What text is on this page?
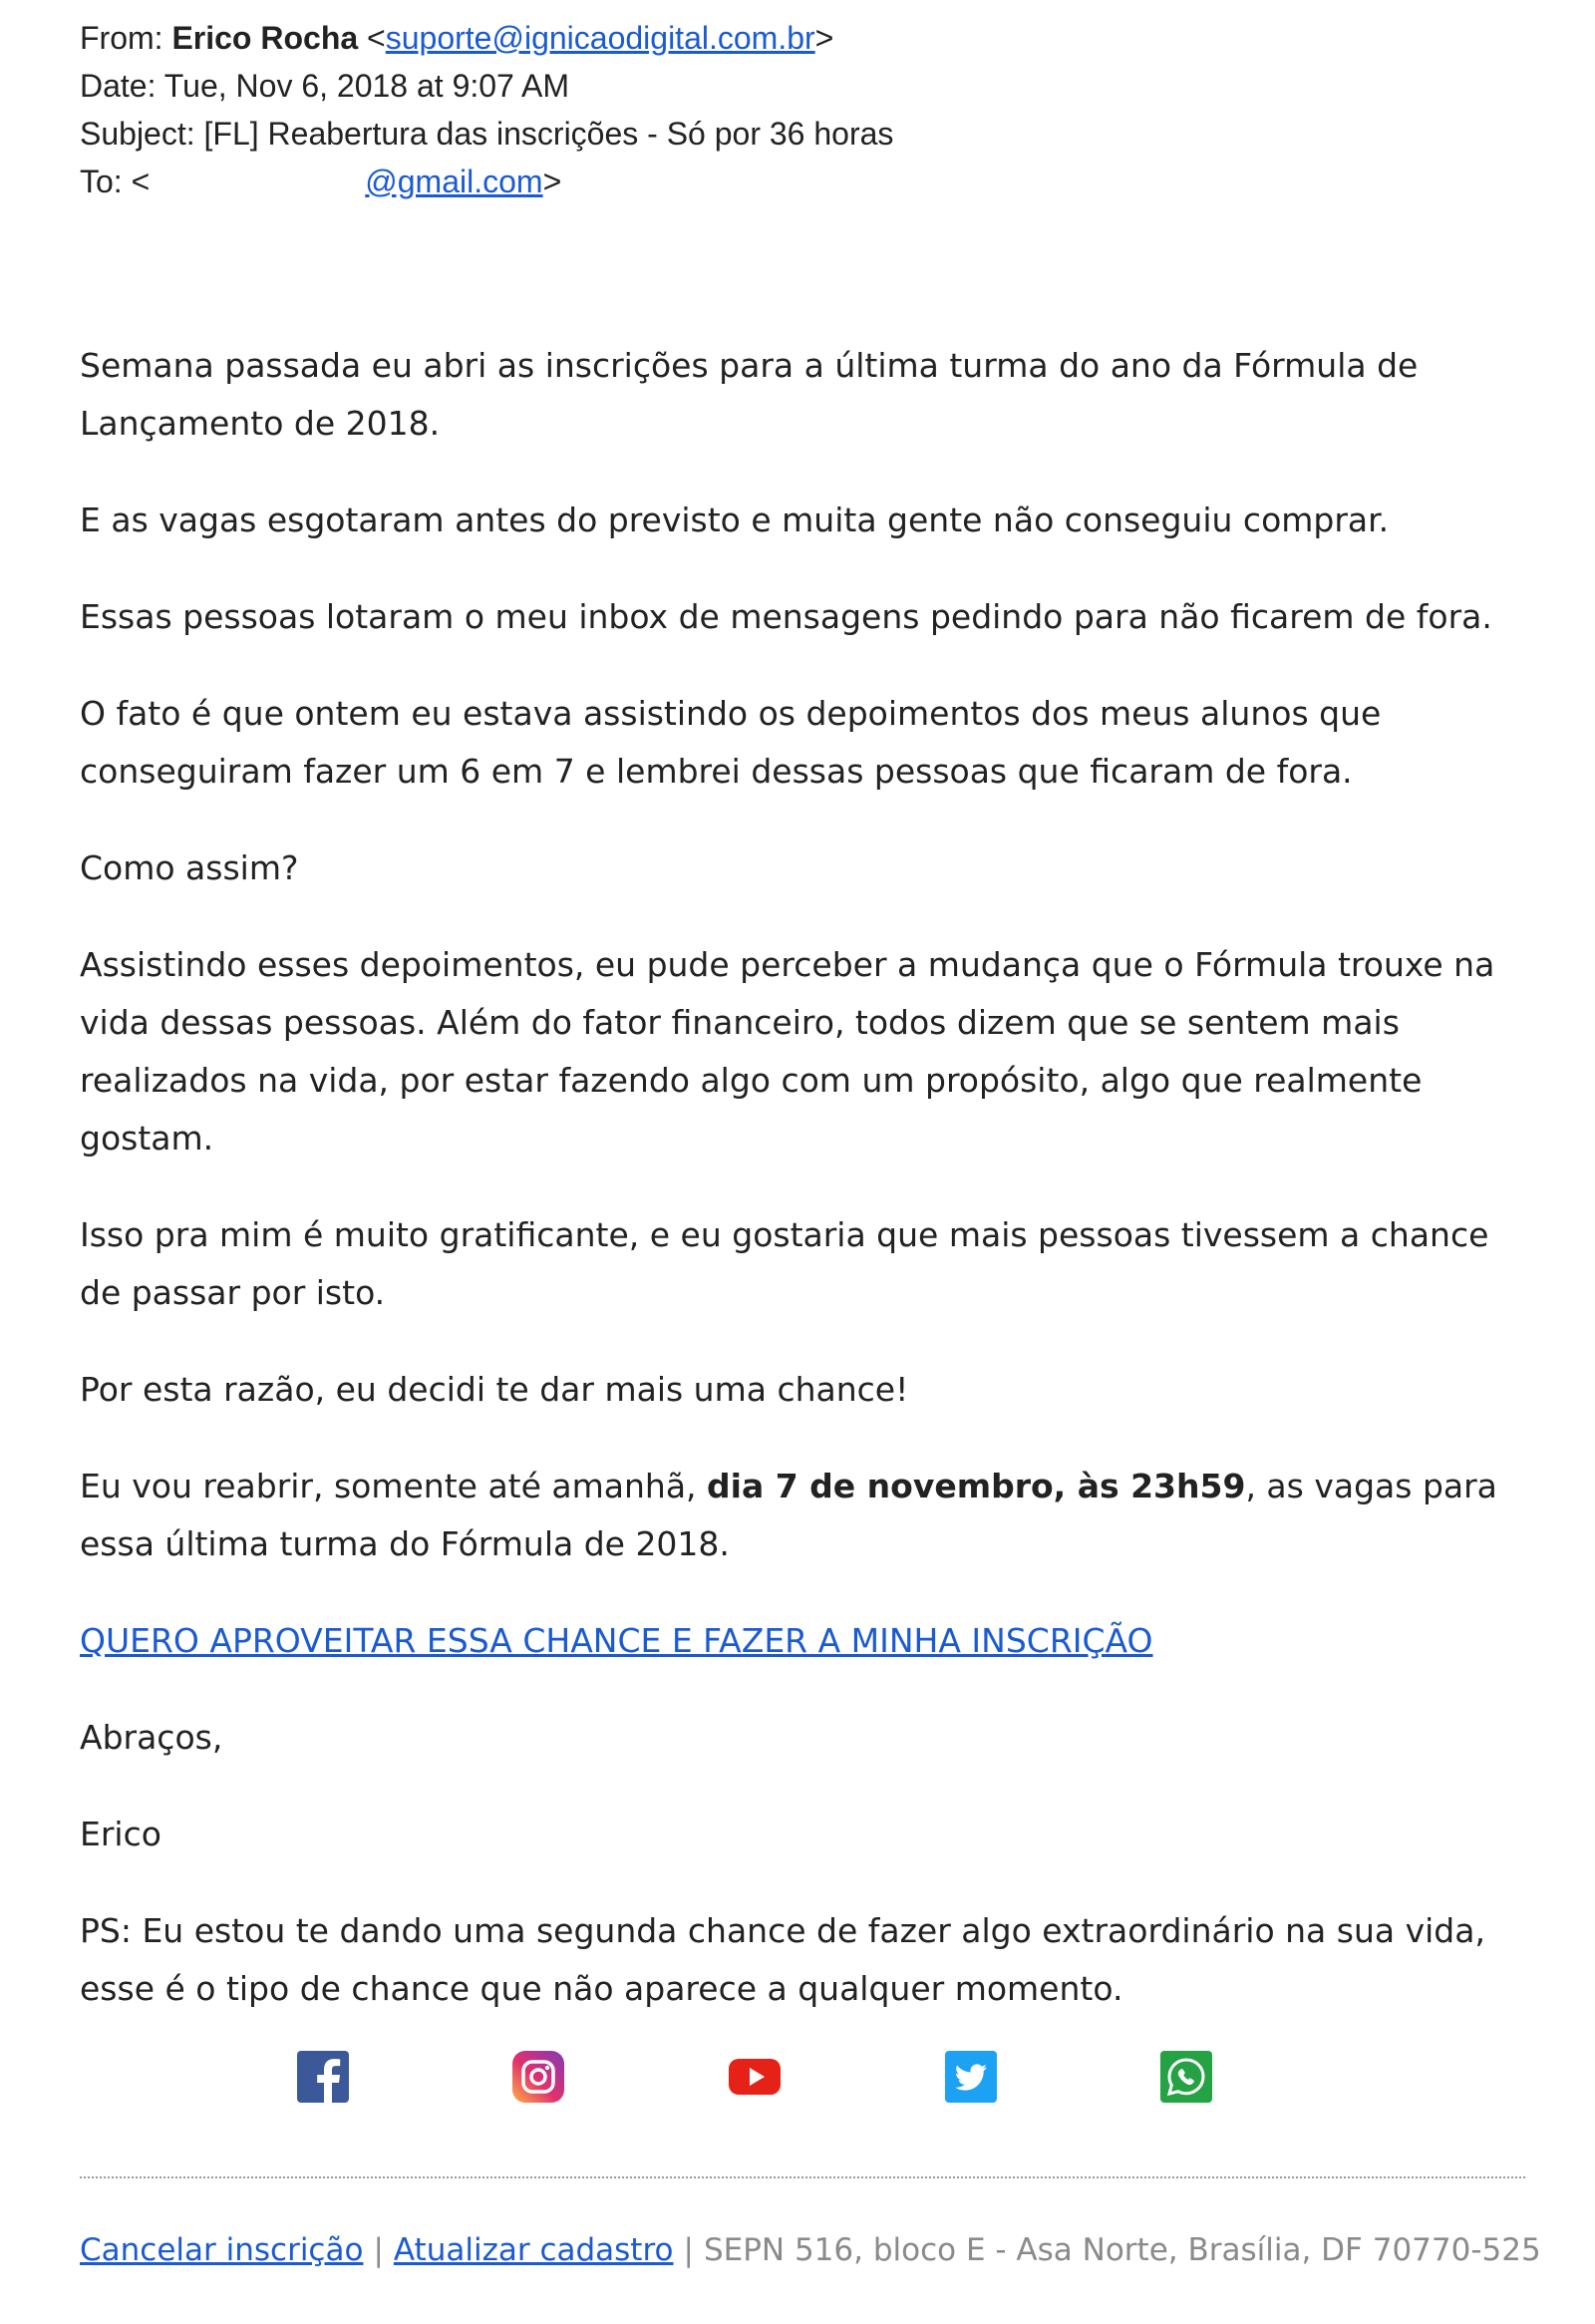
From: Erico Rocha <suporte@ignicaodigital.com.br>
Date: Tue, Nov 6, 2018 at 9:07 AM
Subject: [FL] Reabertura das inscrições - Só por 36 horas
To: <	@gmail.com>

Semana passada eu abri as inscrições para a última turma do ano da Fórmula de Lançamento de 2018.

E as vagas esgotaram antes do previsto e muita gente não conseguiu comprar.

Essas pessoas lotaram o meu inbox de mensagens pedindo para não ficarem de fora.

O fato é que ontem eu estava assistindo os depoimentos dos meus alunos que conseguiram fazer um 6 em 7 e lembrei dessas pessoas que ficaram de fora.

Como assim?

Assistindo esses depoimentos, eu pude perceber a mudança que o Fórmula trouxe na vida dessas pessoas. Além do fator financeiro, todos dizem que se sentem mais realizados na vida, por estar fazendo algo com um propósito, algo que realmente gostam.

Isso pra mim é muito gratificante, e eu gostaria que mais pessoas tivessem a chance de passar por isto.

Por esta razão, eu decidi te dar mais uma chance!

Eu vou reabrir, somente até amanhã, dia 7 de novembro, às 23h59, as vagas para essa última turma do Fórmula de 2018.

QUERO APROVEITAR ESSA CHANCE E FAZER A MINHA INSCRIÇÃO

Abraços,

Erico

PS: Eu estou te dando uma segunda chance de fazer algo extraordinário na sua vida, esse é o tipo de chance que não aparece a qualquer momento.

Cancelar inscrição | Atualizar cadastro | SEPN 516, bloco E - Asa Norte, Brasília, DF 70770-525
